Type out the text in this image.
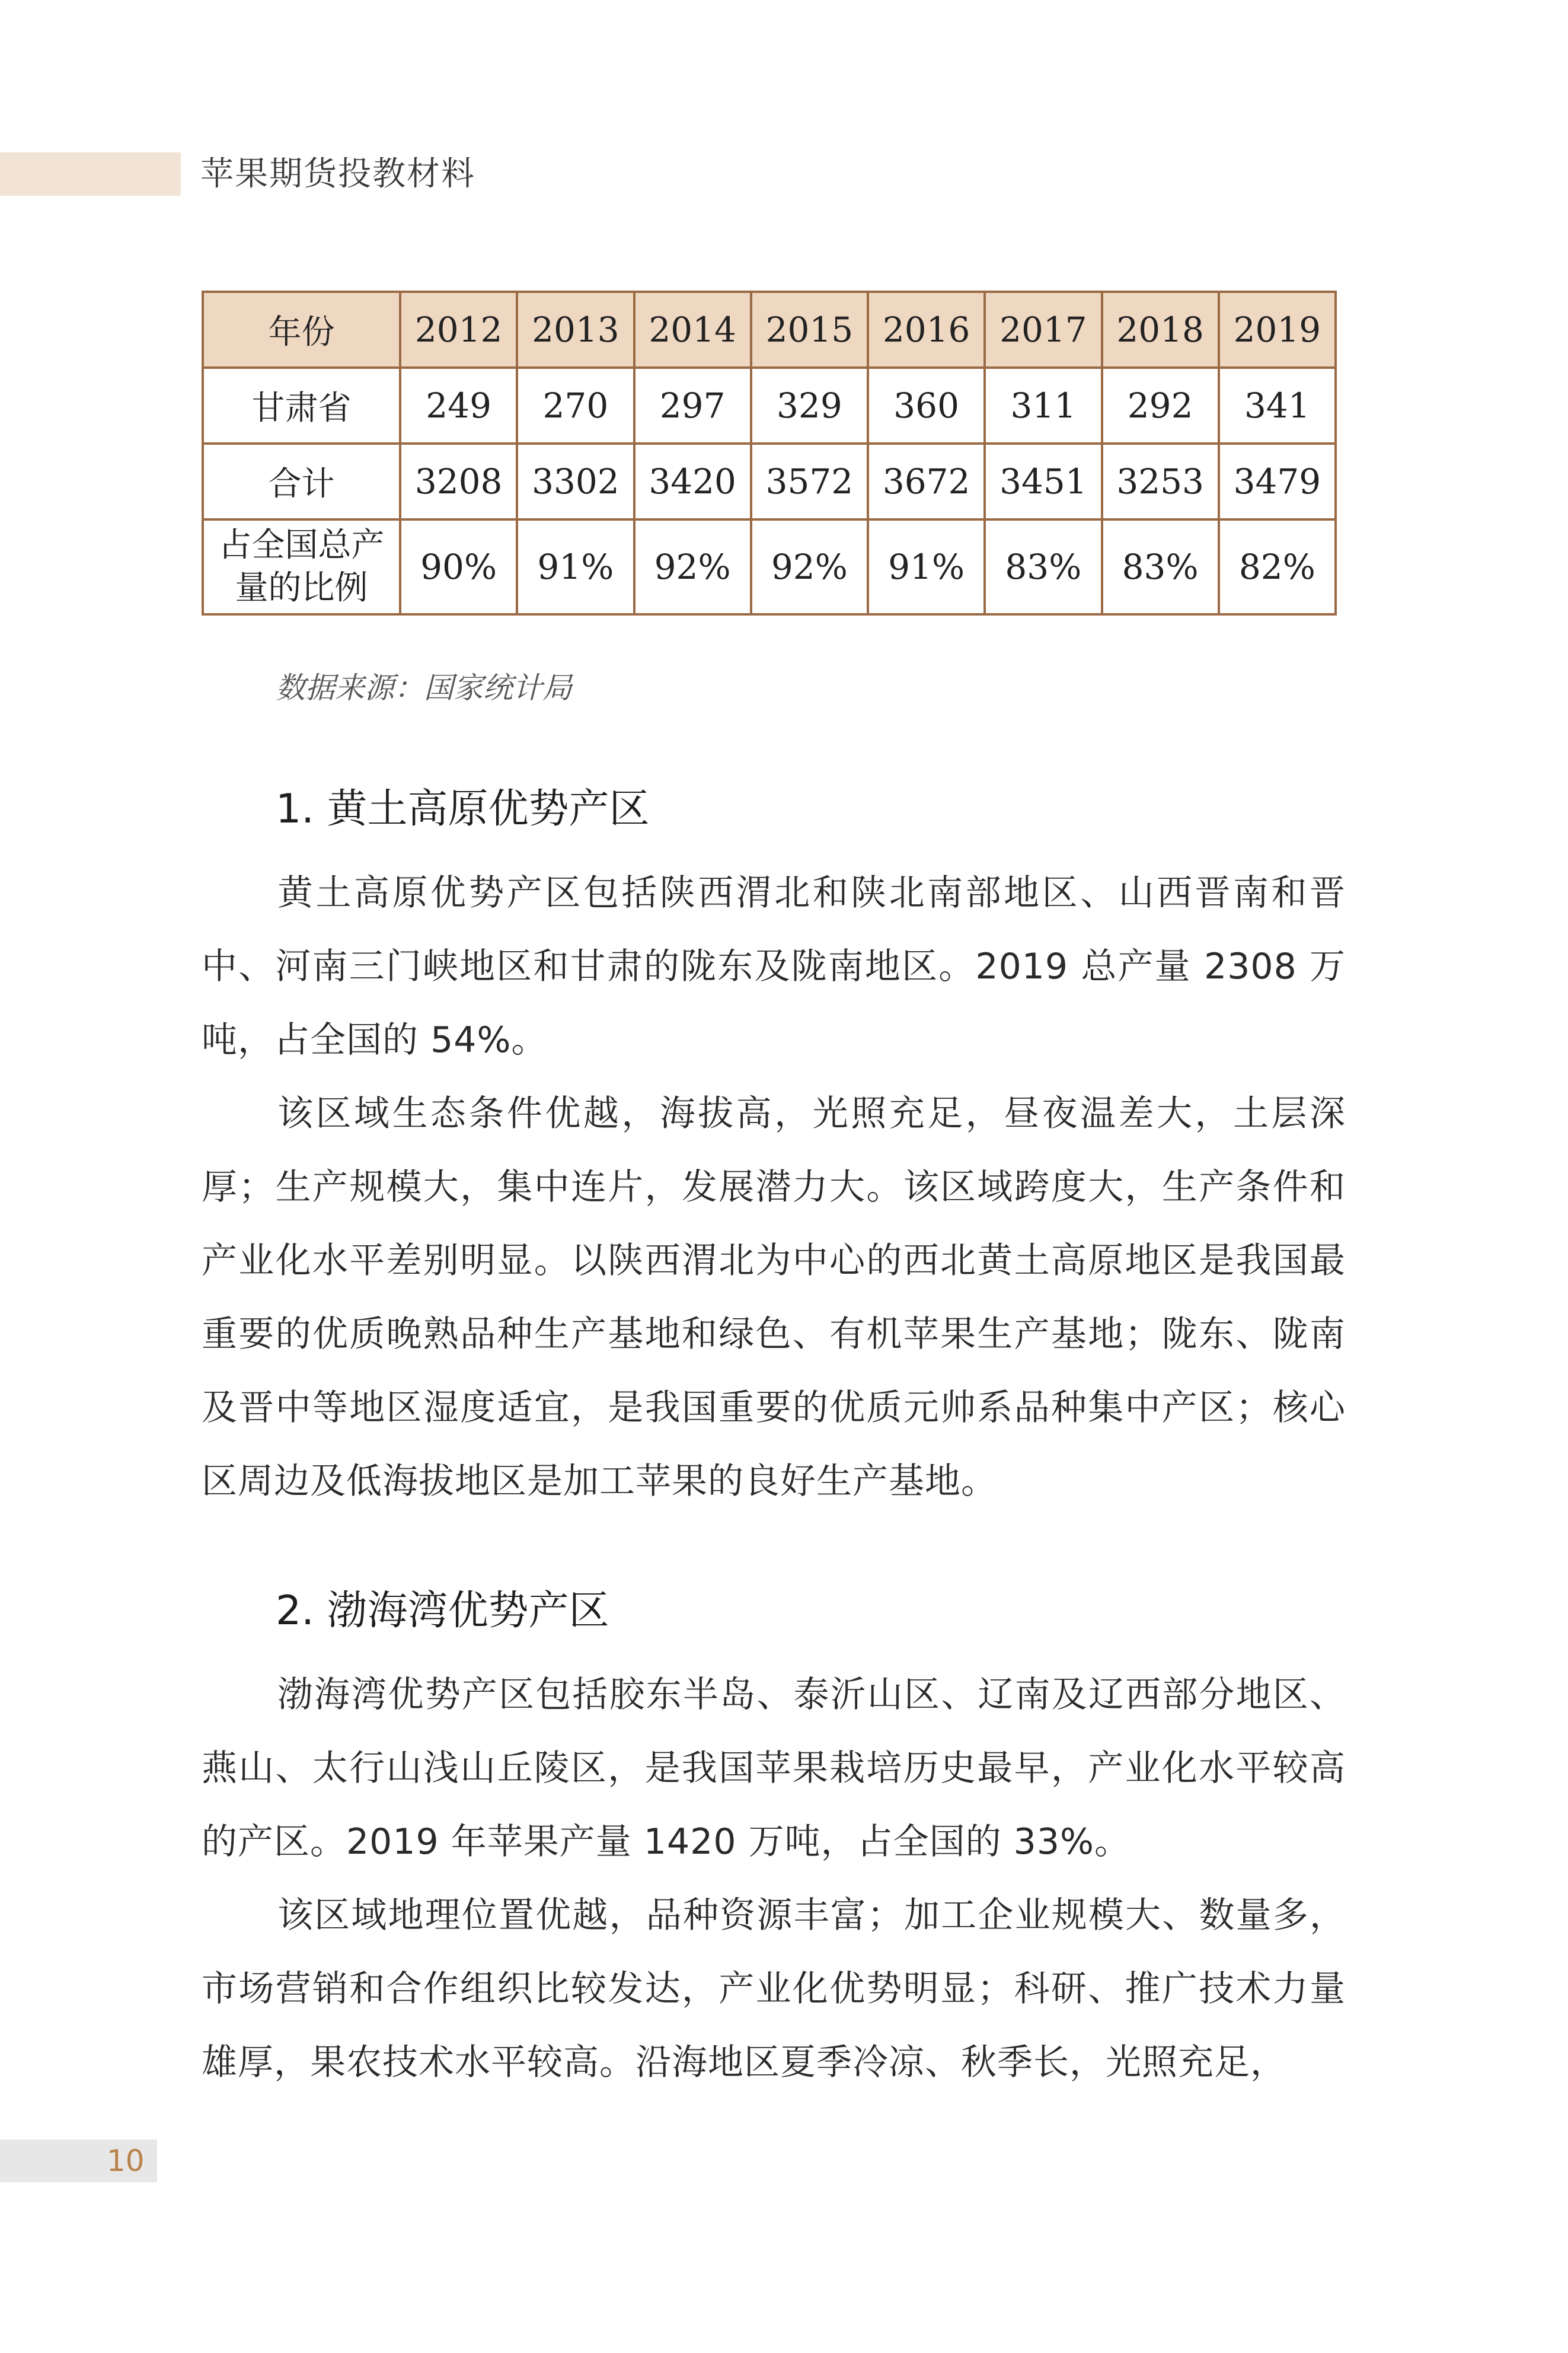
苹果期货投教材料
年份	2012	2013	2014	2015	2016	2017	2018	2019
甘肃省	249	270	297	329	360	311	292	341
合计	3208	3302	3420	3572	3672	3451	3253	3479
占全国总产量的比例	90%	91%	92%	92%	91%	83%	83%	82%
数据来源：国家统计局
1. 黄土高原优势产区
黄土高原优势产区包括陕西渭北和陕北南部地区、山西晋南和晋中、河南三门峡地区和甘肃的陇东及陇南地区。2019 总产量 2308 万吨，占全国的 54%。
该区域生态条件优越，海拔高，光照充足，昼夜温差大，土层深厚；生产规模大，集中连片，发展潜力大。该区域跨度大，生产条件和产业化水平差别明显。以陕西渭北为中心的西北黄土高原地区是我国最重要的优质晚熟品种生产基地和绿色、有机苹果生产基地；陇东、陇南及晋中等地区湿度适宜，是我国重要的优质元帅系品种集中产区；核心区周边及低海拔地区是加工苹果的良好生产基地。
2. 渤海湾优势产区
渤海湾优势产区包括胶东半岛、泰沂山区、辽南及辽西部分地区、燕山、太行山浅山丘陵区，是我国苹果栽培历史最早，产业化水平较高的产区。2019 年苹果产量 1420 万吨，占全国的 33%。
该区域地理位置优越，品种资源丰富；加工企业规模大、数量多，市场营销和合作组织比较发达，产业化优势明显；科研、推广技术力量雄厚，果农技术水平较高。沿海地区夏季冷凉、秋季长，光照充足，
10
